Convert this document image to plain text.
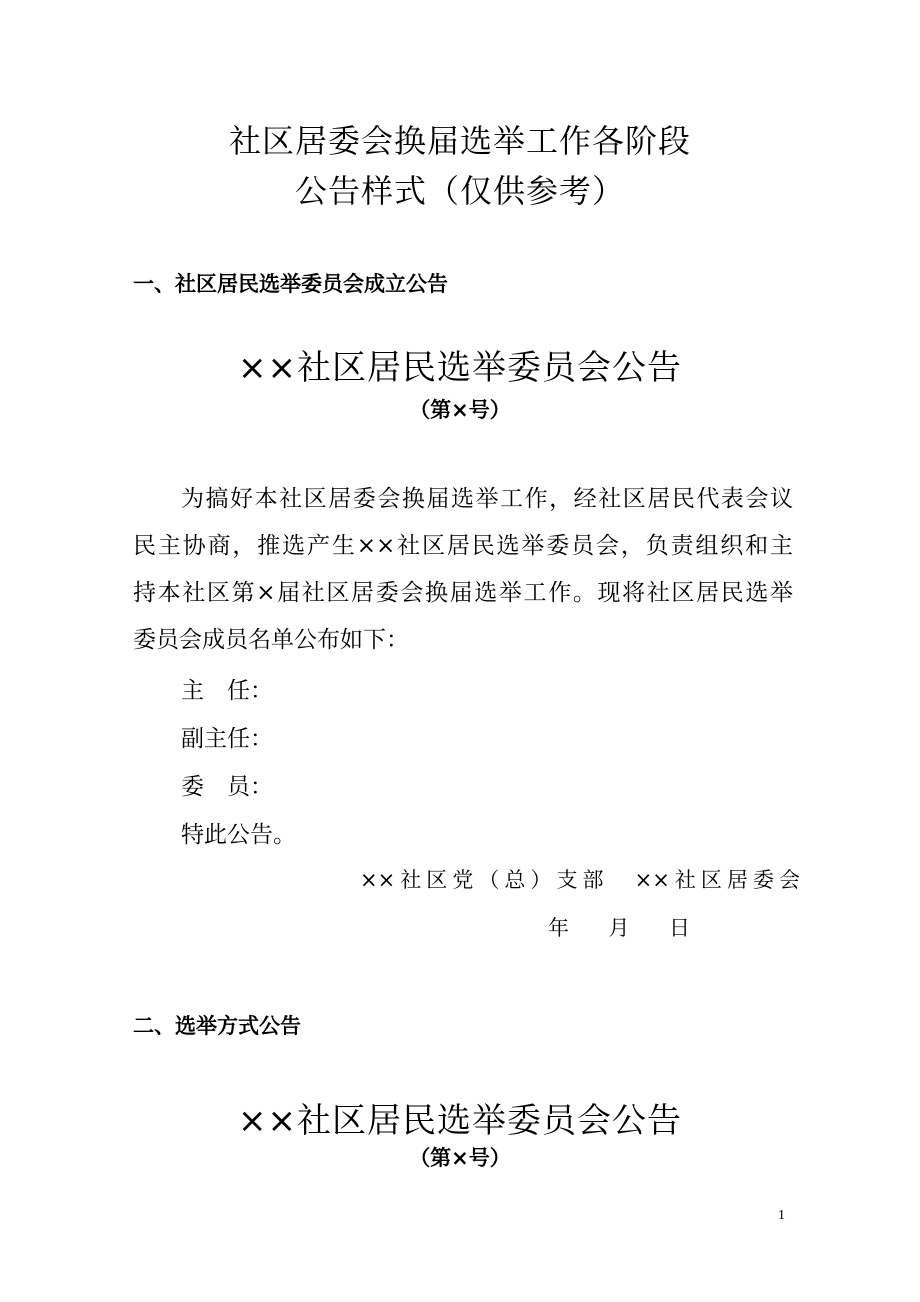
社区居委会换届选举工作各阶段
公告样式（仅供参考）
一、社区居民选举委员会成立公告
××社区居民选举委员会公告
（第×号）
为搞好本社区居委会换届选举工作，经社区居民代表会议
民主协商，推选产生××社区居民选举委员会，负责组织和主
持本社区第×届社区居委会换届选举工作。现将社区居民选举
委员会成员名单公布如下：
主　任：
副主任：
委　员：
特此公告。
××社区党（总）支部　××社区居委会
年　月　日
二、选举方式公告
××社区居民选举委员会公告
（第×号）
1
